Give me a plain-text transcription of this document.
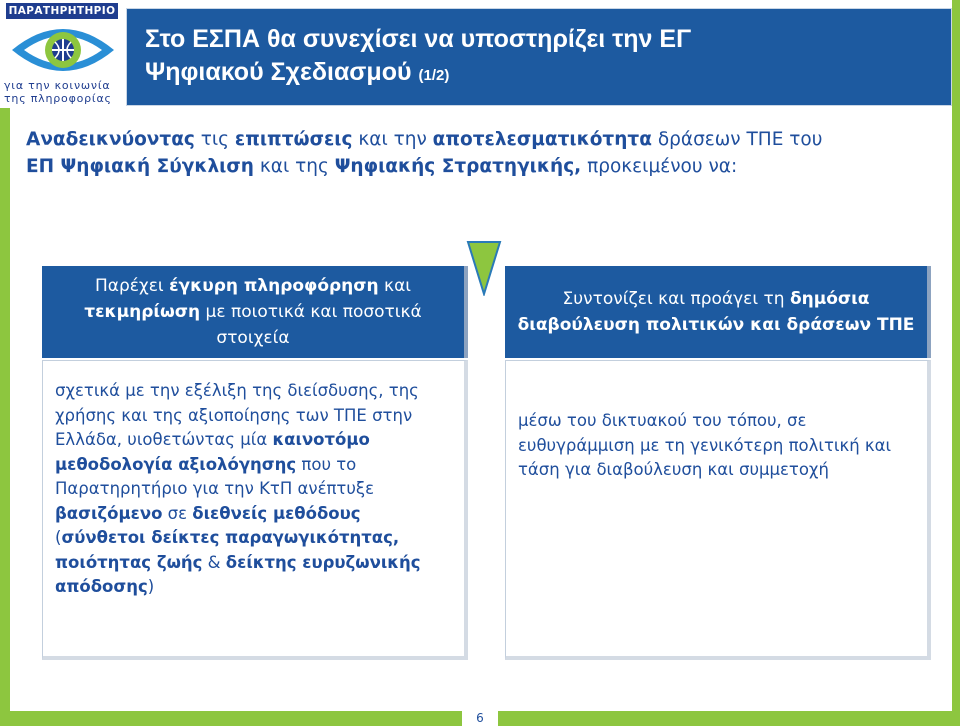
ΠΑΡΑΤΗΡΗΤΗΡΙΟ
για την κοινωνία
της πληροφορίας
Στο ΕΣΠΑ θα συνεχίσει να υποστηρίζει την ΕΓ
Ψηφιακού Σχεδιασμού (1/2)
Αναδεικνύοντας τις επιπτώσεις και την αποτελεσματικότητα δράσεων ΤΠΕ του
ΕΠ Ψηφιακή Σύγκλιση και της Ψηφιακής Στρατηγικής, προκειμένου να:
Παρέχει έγκυρη πληροφόρηση και
τεκμηρίωση με ποιοτικά και ποσοτικά στοιχεία
Συντονίζει και προάγει τη δημόσια διαβούλευση πολιτικών και δράσεων ΤΠΕ
σχετικά με την εξέλιξη της διείσδυσης, της χρήσης και της αξιοποίησης των ΤΠΕ στην Ελλάδα, υιοθετώντας μία καινοτόμο μεθοδολογία αξιολόγησης που το Παρατηρητήριο για την ΚτΠ ανέπτυξε βασιζόμενο σε διεθνείς μεθόδους (σύνθετοι δείκτες παραγωγικότητας, ποιότητας ζωής & δείκτης ευρυζωνικής απόδοσης)
μέσω του δικτυακού του τόπου, σε ευθυγράμμιση με τη γενικότερη πολιτική και τάση για διαβούλευση και συμμετοχή
6
